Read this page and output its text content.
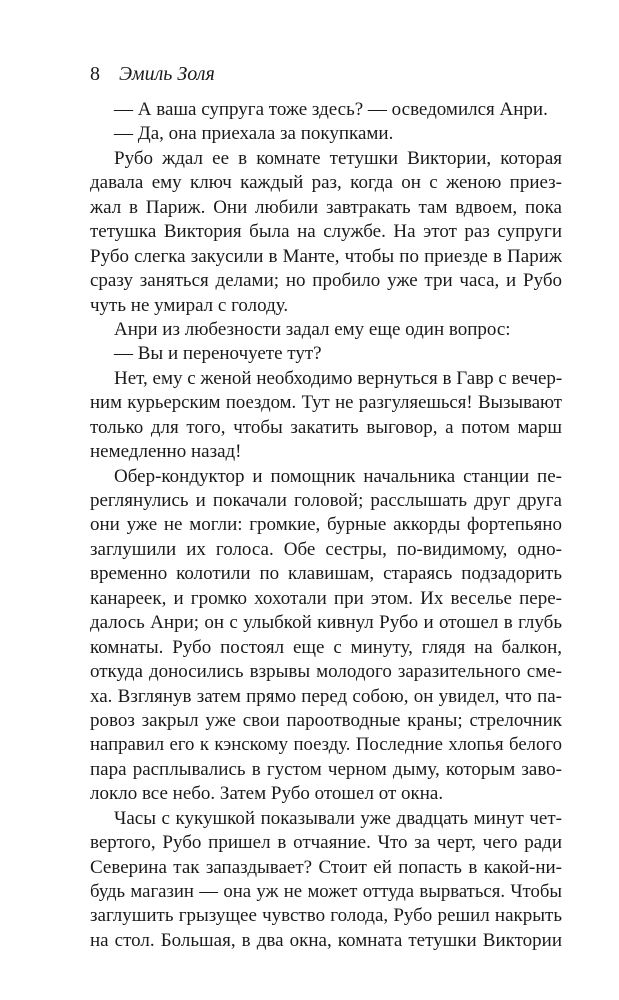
8 Эмиль Золя
— А ваша супруга тоже здесь? — осведомился Анри.
— Да, она приехала за покупками.
Рубо ждал ее в комнате тетушки Виктории, которая
давала ему ключ каждый раз, когда он с женою приез-
жал в Париж. Они любили завтракать там вдвоем, пока
тетушка Виктория была на службе. На этот раз супруги
Рубо слегка закусили в Манте, чтобы по приезде в Париж
сразу заняться делами; но пробило уже три часа, и Рубо
чуть не умирал с голоду.
Анри из любезности задал ему еще один вопрос:
— Вы и переночуете тут?
Нет, ему с женой необходимо вернуться в Гавр с вечер-
ним курьерским поездом. Тут не разгуляешься! Вызывают
только для того, чтобы закатить выговор, а потом марш
немедленно назад!
Обер-кондуктор и помощник начальника станции пе-
реглянулись и покачали головой; расслышать друг друга
они уже не могли: громкие, бурные аккорды фортепьяно
заглушили их голоса. Обе сестры, по-видимому, одно-
временно колотили по клавишам, стараясь подзадорить
канареек, и громко хохотали при этом. Их веселье пере-
далось Анри; он с улыбкой кивнул Рубо и отошел в глубь
комнаты. Рубо постоял еще с минуту, глядя на балкон,
откуда доносились взрывы молодого заразительного сме-
ха. Взглянув затем прямо перед собою, он увидел, что па-
ровоз закрыл уже свои пароотводные краны; стрелочник
направил его к кэнскому поезду. Последние хлопья белого
пара расплывались в густом черном дыму, которым заво-
локло все небо. Затем Рубо отошел от окна.
Часы с кукушкой показывали уже двадцать минут чет-
вертого, Рубо пришел в отчаяние. Что за черт, чего ради
Северина так запаздывает? Стоит ей попасть в какой-ни-
будь магазин — она уж не может оттуда вырваться. Чтобы
заглушить грызущее чувство голода, Рубо решил накрыть
на стол. Большая, в два окна, комната тетушки Виктории
